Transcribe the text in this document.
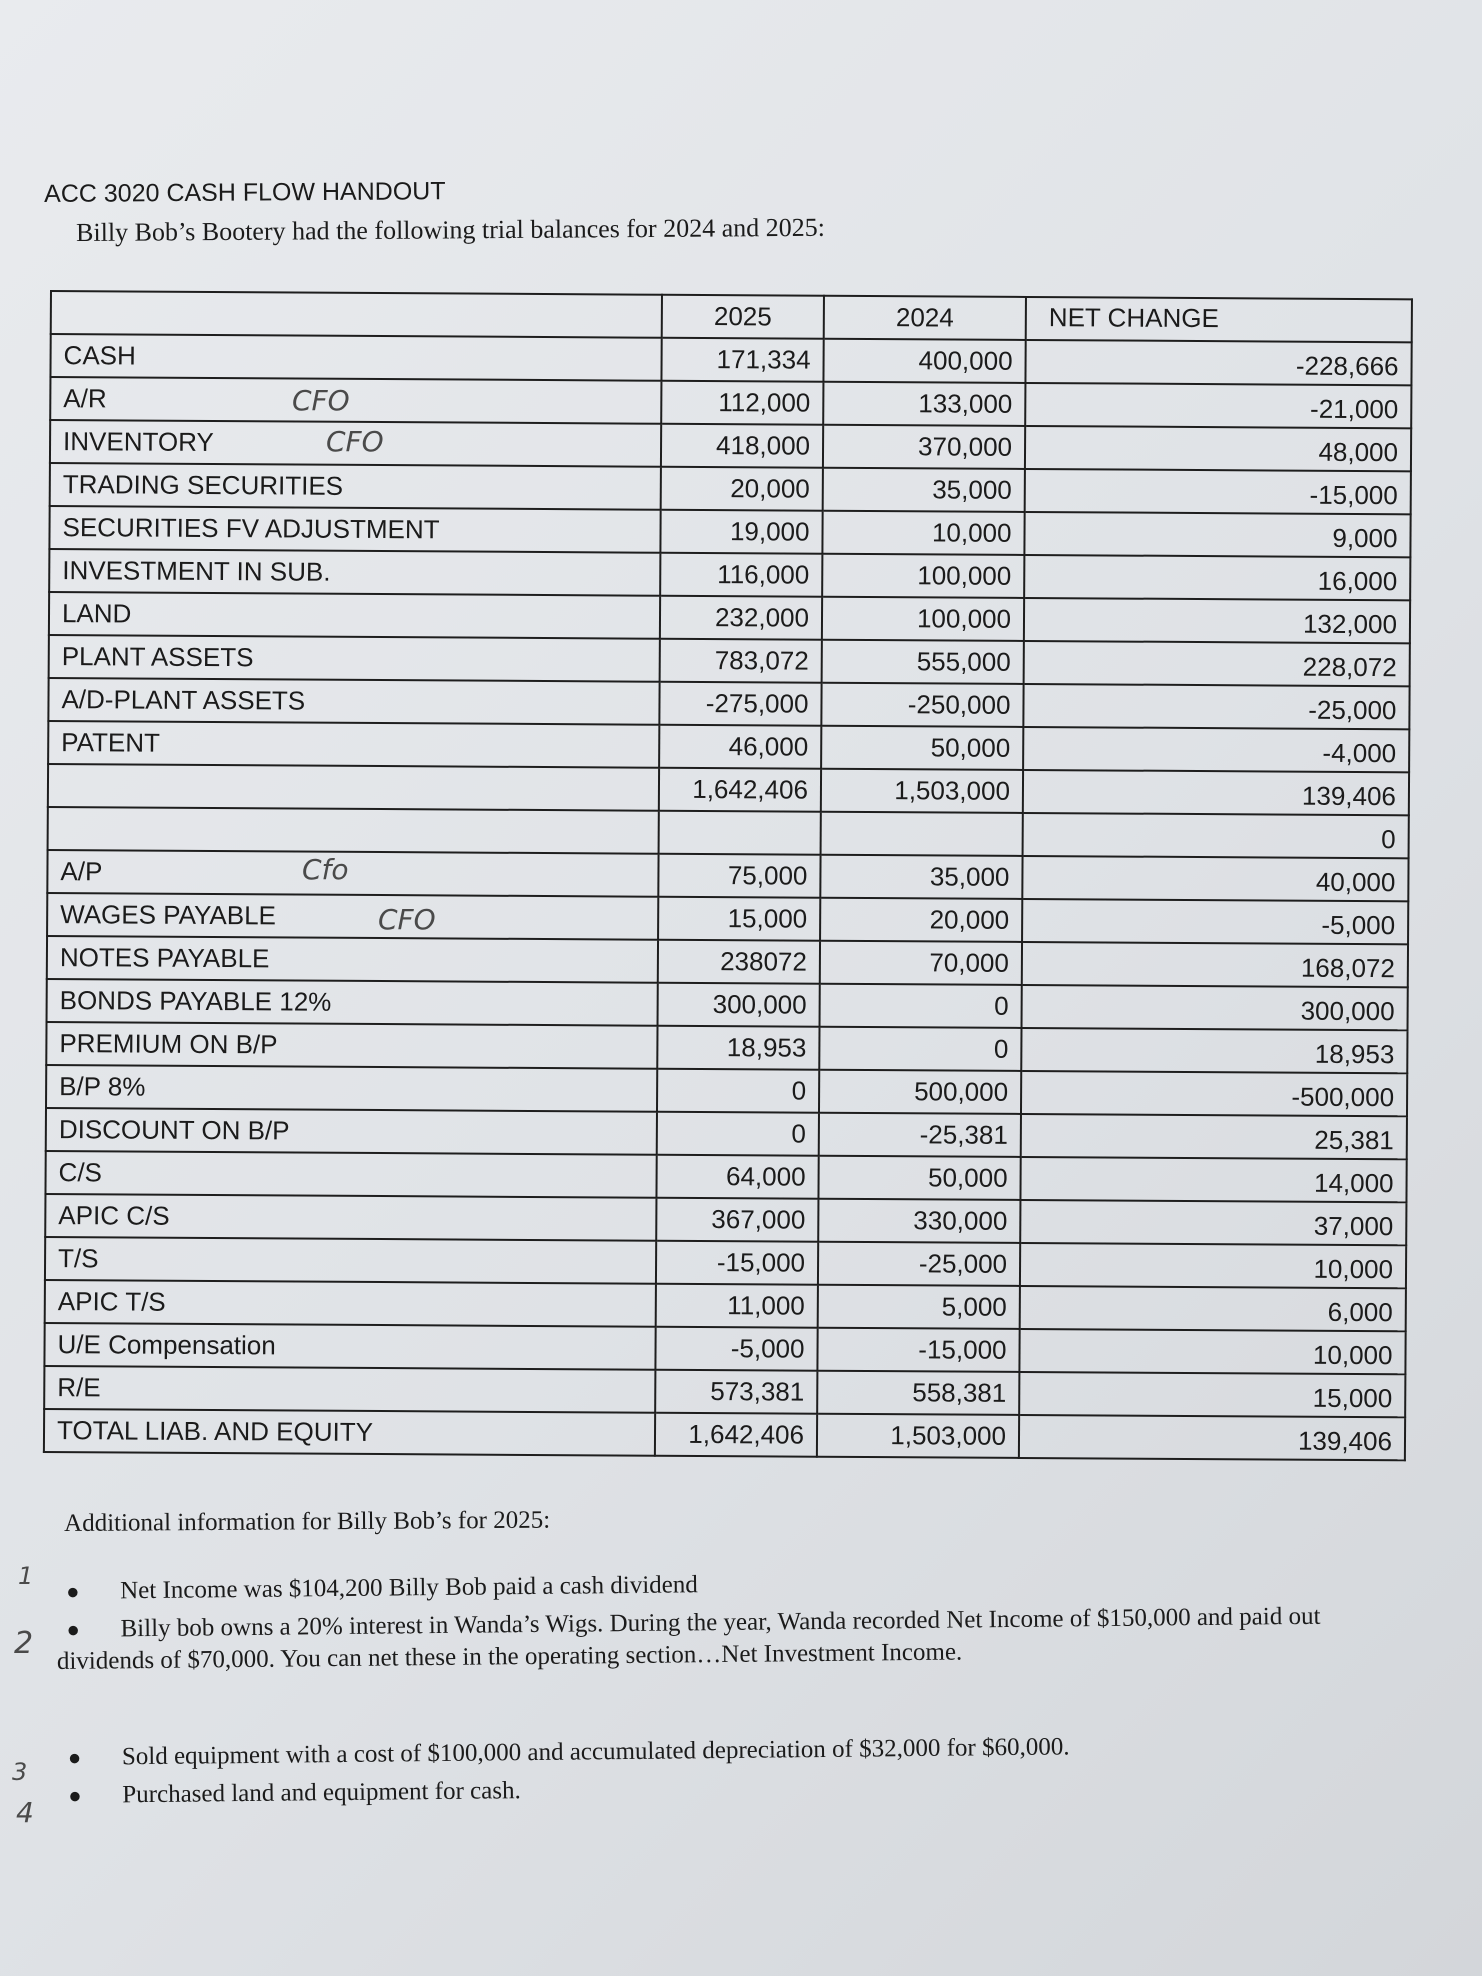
ACC 3020 CASH FLOW HANDOUT
Billy Bob’s Bootery had the following trial balances for 2024 and 2025:
	2025	2024	NET CHANGE
CASH	171,334	400,000	-228,666
A/R	112,000	133,000	-21,000
INVENTORY	418,000	370,000	48,000
TRADING SECURITIES	20,000	35,000	-15,000
SECURITIES FV ADJUSTMENT	19,000	10,000	9,000
INVESTMENT IN SUB.	116,000	100,000	16,000
LAND	232,000	100,000	132,000
PLANT ASSETS	783,072	555,000	228,072
A/D-PLANT ASSETS	-275,000	-250,000	-25,000
PATENT	46,000	50,000	-4,000
	1,642,406	1,503,000	139,406
			0
A/P	75,000	35,000	40,000
WAGES PAYABLE	15,000	20,000	-5,000
NOTES PAYABLE	238072	70,000	168,072
BONDS PAYABLE 12%	300,000	0	300,000
PREMIUM ON B/P	18,953	0	18,953
B/P 8%	0	500,000	-500,000
DISCOUNT ON B/P	0	-25,381	25,381
C/S	64,000	50,000	14,000
APIC C/S	367,000	330,000	37,000
T/S	-15,000	-25,000	10,000
APIC T/S	11,000	5,000	6,000
U/E Compensation	-5,000	-15,000	10,000
R/E	573,381	558,381	15,000
TOTAL LIAB. AND EQUITY	1,642,406	1,503,000	139,406
Additional information for Billy Bob’s for 2025:
● Net Income was $104,200 Billy Bob paid a cash dividend
● Billy bob owns a 20% interest in Wanda’s Wigs. During the year, Wanda recorded Net Income of $150,000 and paid out dividends of $70,000. You can net these in the operating section…Net Investment Income.
● Sold equipment with a cost of $100,000 and accumulated depreciation of $32,000 for $60,000.
● Purchased land and equipment for cash.
CFO
CFO
Cfo
CFO
1
2
3
4
